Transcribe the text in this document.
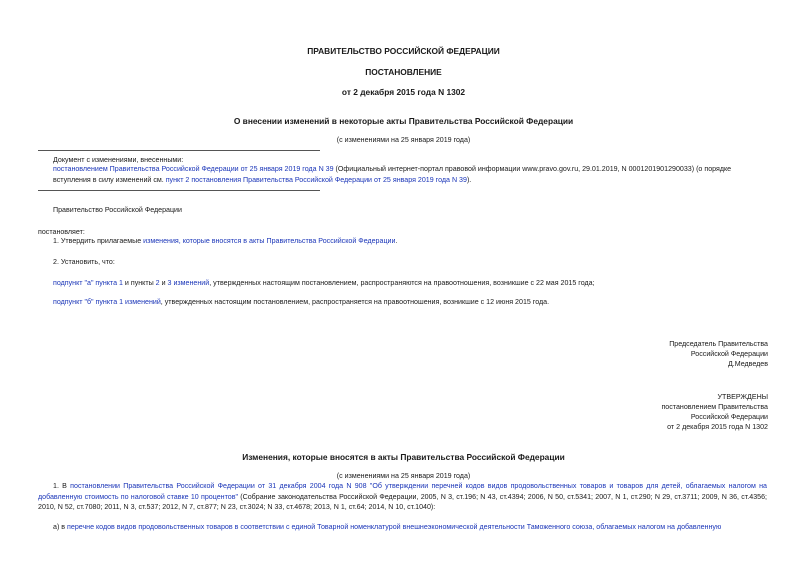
ПРАВИТЕЛЬСТВО РОССИЙСКОЙ ФЕДЕРАЦИИ
ПОСТАНОВЛЕНИЕ
от 2 декабря 2015 года N 1302
О внесении изменений в некоторые акты Правительства Российской Федерации
(с изменениями на 25 января 2019 года)
Документ с изменениями, внесенными:
постановлением Правительства Российской Федерации от 25 января 2019 года N 39 (Официальный интернет-портал правовой информации www.pravo.gov.ru, 29.01.2019, N 0001201901290033) (о порядке
вступления в силу изменений см. пункт 2 постановления Правительства Российской Федерации от 25 января 2019 года N 39).
Правительство Российской Федерации
постановляет:
1. Утвердить прилагаемые изменения, которые вносятся в акты Правительства Российской Федерации.
2. Установить, что:
подпункт "а" пункта 1 и пункты 2 и 3 изменений, утвержденных настоящим постановлением, распространяются на правоотношения, возникшие с 22 мая 2015 года;
подпункт "б" пункта 1 изменений, утвержденных настоящим постановлением, распространяется на правоотношения, возникшие с 12 июня 2015 года.
Председатель Правительства
Российской Федерации
Д.Медведев
УТВЕРЖДЕНЫ
постановлением Правительства
Российской Федерации
от 2 декабря 2015 года N 1302
Изменения, которые вносятся в акты Правительства Российской Федерации
(с изменениями на 25 января 2019 года)
1. В постановлении Правительства Российской Федерации от 31 декабря 2004 года N 908 "Об утверждении перечней кодов видов продовольственных товаров и товаров для детей, облагаемых налогом на добавленную стоимость по налоговой ставке 10 процентов" (Собрание законодательства Российской Федерации, 2005, N 3, ст.196; N 43, ст.4394; 2006, N 50, ст.5341; 2007, N 1, ст.290; N 29, ст.3711; 2009, N 36, ст.4356; 2010, N 52, ст.7080; 2011, N 3, ст.537; 2012, N 7, ст.877; N 23, ст.3024; N 33, ст.4678; 2013, N 1, ст.64; 2014, N 10, ст.1040):
а) в перечне кодов видов продовольственных товаров в соответствии с единой Товарной номенклатурой внешнеэкономической деятельности Таможенного союза, облагаемых налогом на добавленную
